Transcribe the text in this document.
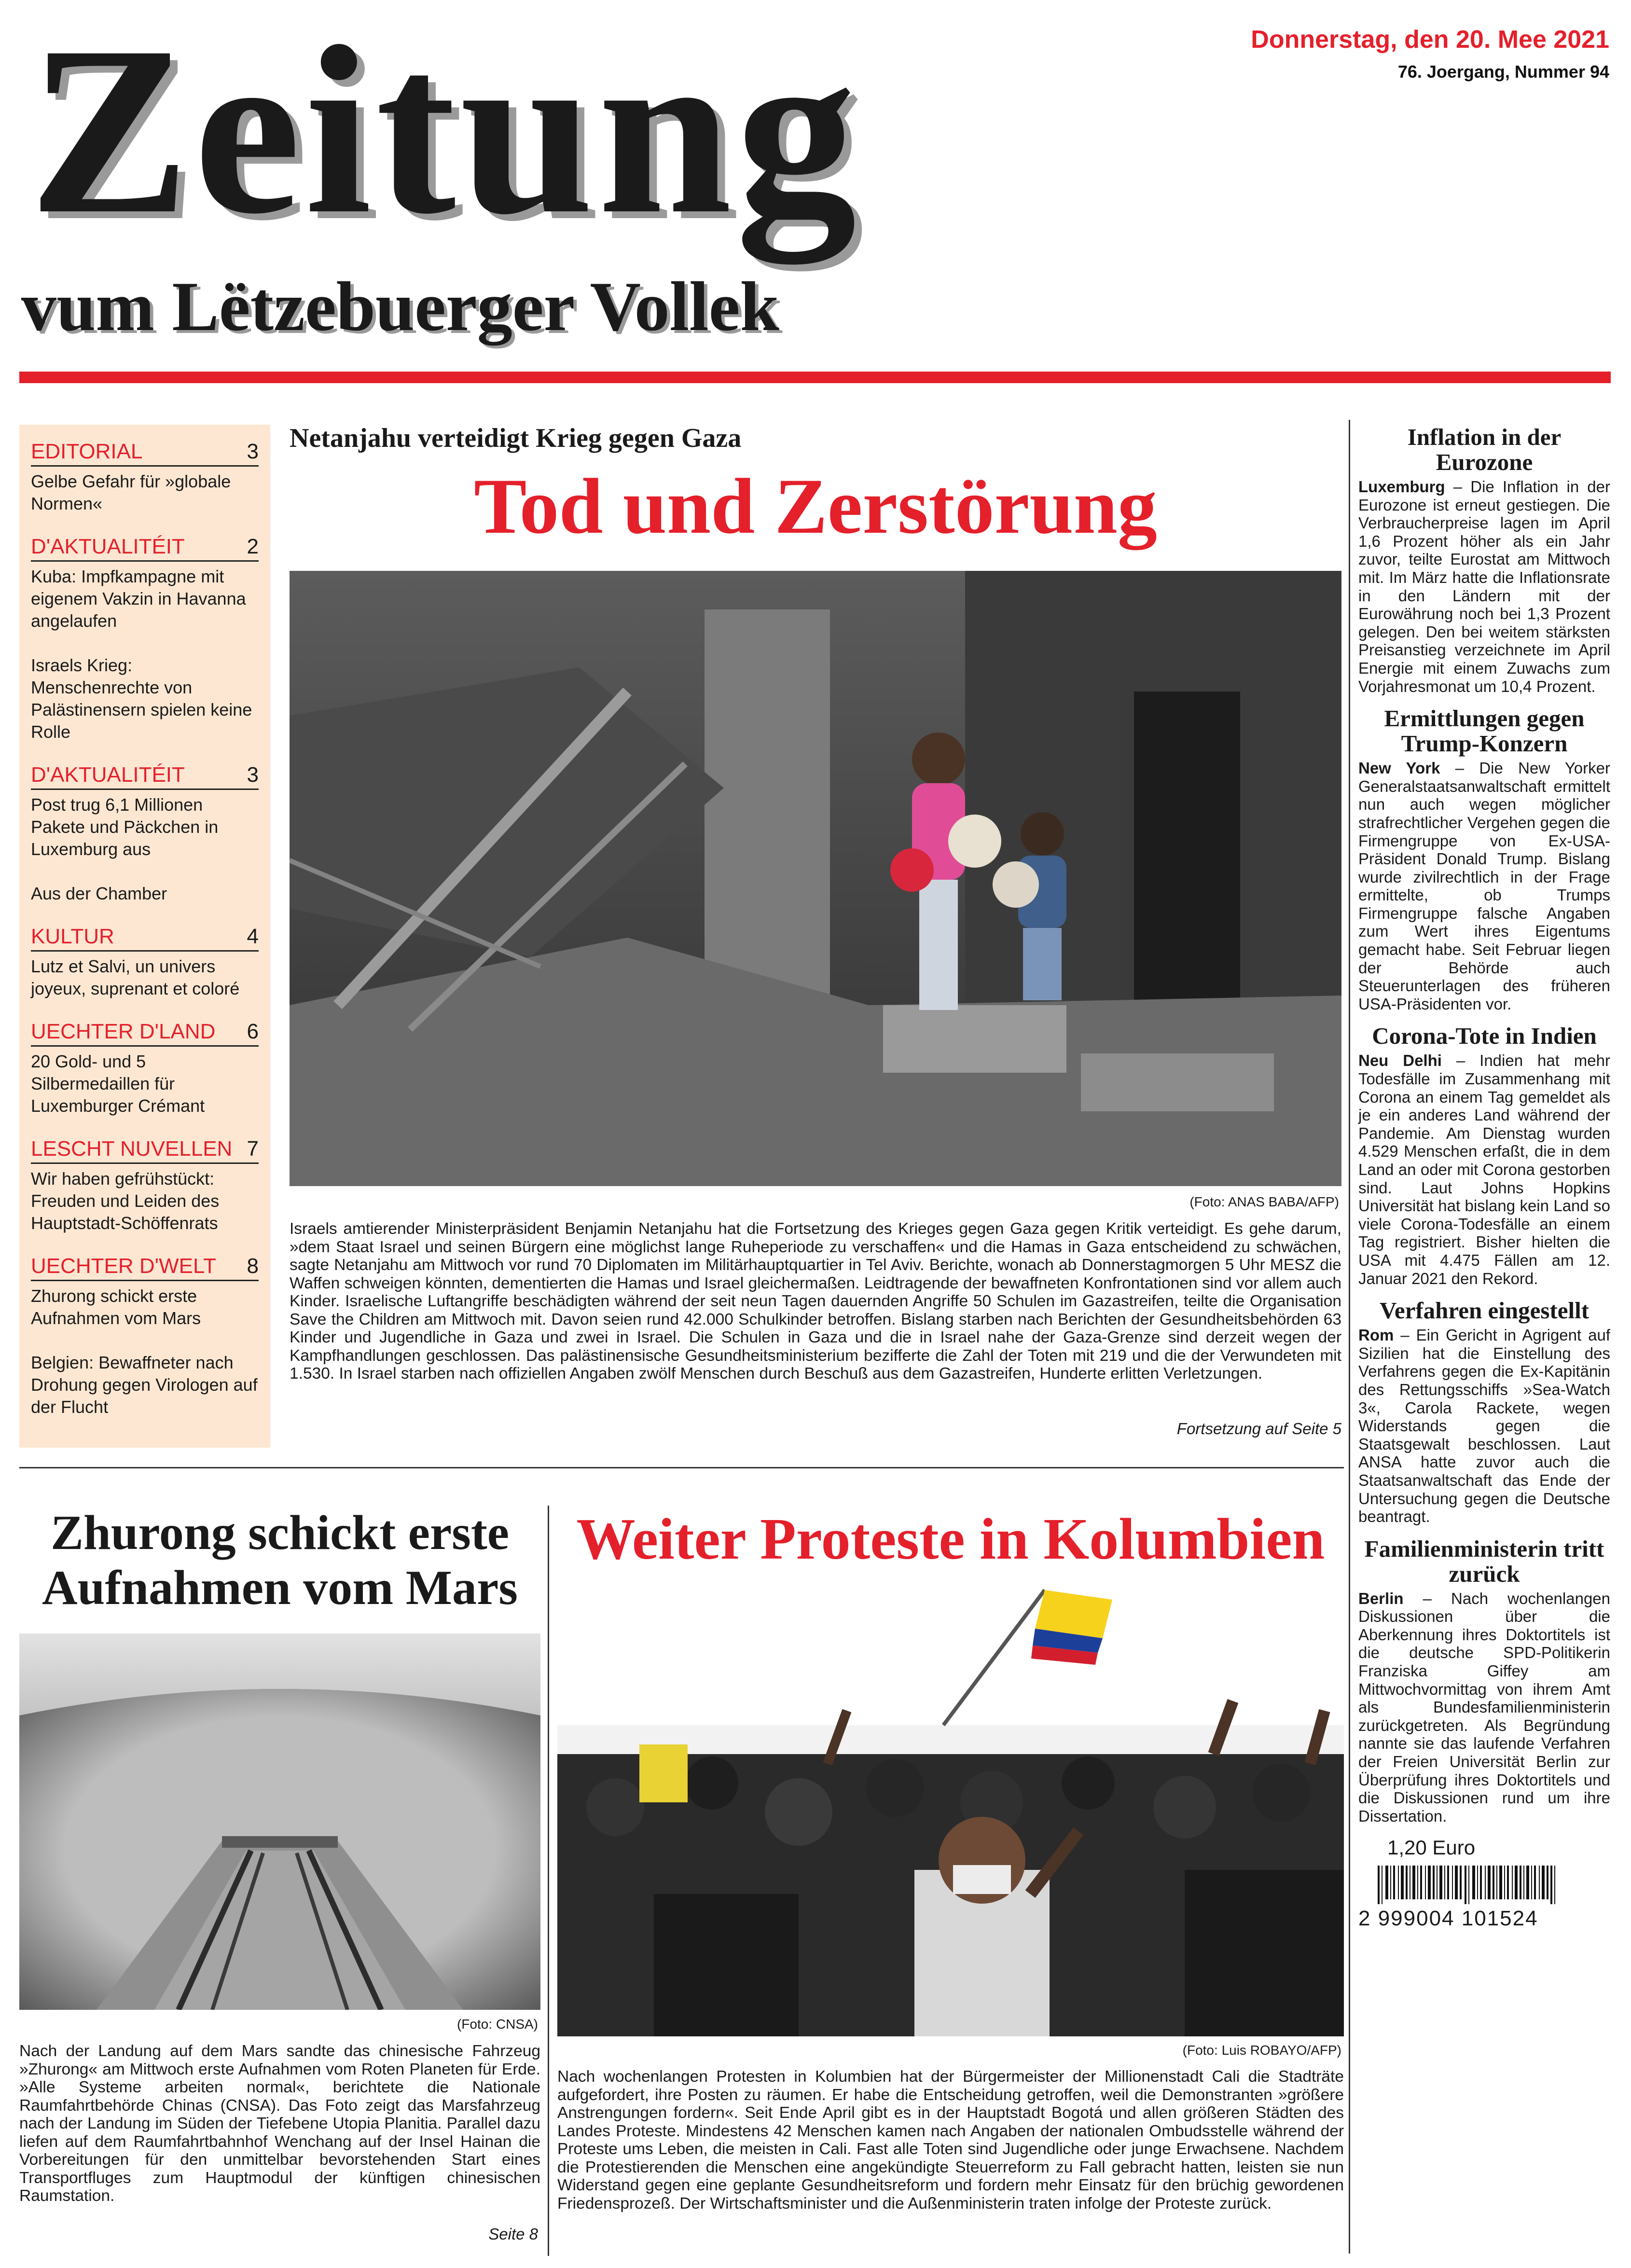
Zeitung
vum Lëtzebuerger Vollek
Donnerstag, den 20. Mee 2021
76. Joergang, Nummer 94
EDITORIAL	3
Gelbe Gefahr für »globale Normen«
D'AKTUALITÉIT	2
Kuba: Impfkampagne mit eigenem Vakzin in Havanna angelaufen
Israels Krieg: Menschenrechte von Palästinensern spielen keine Rolle
D'AKTUALITÉIT	3
Post trug 6,1 Millionen Pakete und Päckchen in Luxemburg aus
Aus der Chamber
KULTUR	4
Lutz et Salvi, un univers joyeux, suprenant et coloré
UECHTER D'LAND 6
20 Gold- und 5 Silbermedaillen für Luxemburger Crémant
LESCHT NUVELLEN 7
Wir haben gefrühstückt: Freuden und Leiden des Hauptstadt-Schöffenrats
UECHTER D'WELT 8
Zhurong schickt erste Aufnahmen vom Mars
Belgien: Bewaffneter nach Drohung gegen Virologen auf der Flucht
Netanjahu verteidigt Krieg gegen Gaza
Tod und Zerstörung
(Foto: ANAS BABA/AFP)
Israels amtierender Ministerpräsident Benjamin Netanjahu hat die Fortsetzung des Krieges gegen Gaza gegen Kritik verteidigt. Es gehe darum, »dem Staat Israel und seinen Bürgern eine möglichst lange Ruheperiode zu verschaffen« und die Hamas in Gaza entscheidend zu schwächen, sagte Netanjahu am Mittwoch vor rund 70 Diplomaten im Militärhauptquartier in Tel Aviv. Berichte, wonach ab Donnerstagmorgen 5 Uhr MESZ die Waffen schweigen könnten, dementierten die Hamas und Israel gleichermaßen. Leidtragende der bewaffneten Konfrontationen sind vor allem auch Kinder. Israelische Luftangriffe beschädigten während der seit neun Tagen dauernden Angriffe 50 Schulen im Gazastreifen, teilte die Organisation Save the Children am Mittwoch mit. Davon seien rund 42.000 Schulkinder betroffen. Bislang starben nach Berichten der Gesundheitsbehörden 63 Kinder und Jugendliche in Gaza und zwei in Israel. Die Schulen in Gaza und die in Israel nahe der Gaza-Grenze sind derzeit wegen der Kampfhandlungen geschlossen. Das palästinensische Gesundheitsministerium bezifferte die Zahl der Toten mit 219 und die der Verwundeten mit 1.530. In Israel starben nach offiziellen Angaben zwölf Menschen durch Beschuß aus dem Gazastreifen, Hunderte erlitten Verletzungen.
Fortsetzung auf Seite 5
Inflation in der Eurozone
Luxemburg – Die Inflation in der Eurozone ist erneut gestiegen. Die Verbraucherpreise lagen im April 1,6 Prozent höher als ein Jahr zuvor, teilte Eurostat am Mittwoch mit. Im März hatte die Inflationsrate in den Ländern mit der Eurowährung noch bei 1,3 Prozent gelegen. Den bei weitem stärksten Preisanstieg verzeichnete im April Energie mit einem Zuwachs zum Vorjahresmonat um 10,4 Prozent.
Ermittlungen gegen Trump-Konzern
New York – Die New Yorker Generalstaatsanwaltschaft ermittelt nun auch wegen möglicher strafrechtlicher Vergehen gegen die Firmengruppe von Ex-USA-Präsident Donald Trump. Bislang wurde zivilrechtlich in der Frage ermittelte, ob Trumps Firmengruppe falsche Angaben zum Wert ihres Eigentums gemacht habe. Seit Februar liegen der Behörde auch Steuerunterlagen des früheren USA-Präsidenten vor.
Corona-Tote in Indien
Neu Delhi – Indien hat mehr Todesfälle im Zusammenhang mit Corona an einem Tag gemeldet als je ein anderes Land während der Pandemie. Am Dienstag wurden 4.529 Menschen erfaßt, die in dem Land an oder mit Corona gestorben sind. Laut Johns Hopkins Universität hat bislang kein Land so viele Corona-Todesfälle an einem Tag registriert. Bisher hielten die USA mit 4.475 Fällen am 12. Januar 2021 den Rekord.
Verfahren eingestellt
Rom – Ein Gericht in Agrigent auf Sizilien hat die Einstellung des Verfahrens gegen die Ex-Kapitänin des Rettungsschiffs »Sea-Watch 3«, Carola Rackete, wegen Widerstands gegen die Staatsgewalt beschlossen. Laut ANSA hatte zuvor auch die Staatsanwaltschaft das Ende der Untersuchung gegen die Deutsche beantragt.
Familienministerin tritt zurück
Berlin – Nach wochenlangen Diskussionen über die Aberkennung ihres Doktortitels ist die deutsche SPD-Politikerin Franziska Giffey am Mittwochvormittag von ihrem Amt als Bundesfamilienministerin zurückgetreten. Als Begründung nannte sie das laufende Verfahren der Freien Universität Berlin zur Überprüfung ihres Doktortitels und die Diskussionen rund um ihre Dissertation.
1,20 Euro
2 999004 101524
Zhurong schickt erste Aufnahmen vom Mars
(Foto: CNSA)
Nach der Landung auf dem Mars sandte das chinesische Fahrzeug »Zhurong« am Mittwoch erste Aufnahmen vom Roten Planeten für Erde. »Alle Systeme arbeiten normal«, berichtete die Nationale Raumfahrtbehörde Chinas (CNSA). Das Foto zeigt das Marsfahrzeug nach der Landung im Süden der Tiefebene Utopia Planitia. Parallel dazu liefen auf dem Raumfahrtbahnhof Wenchang auf der Insel Hainan die Vorbereitungen für den unmittelbar bevorstehenden Start eines Transportfluges zum Hauptmodul der künftigen chinesischen Raumstation.
Seite 8
Weiter Proteste in Kolumbien
(Foto: Luis ROBAYO/AFP)
Nach wochenlangen Protesten in Kolumbien hat der Bürgermeister der Millionenstadt Cali die Stadträte aufgefordert, ihre Posten zu räumen. Er habe die Entscheidung getroffen, weil die Demonstranten »größere Anstrengungen fordern«. Seit Ende April gibt es in der Hauptstadt Bogotá und allen größeren Städten des Landes Proteste. Mindestens 42 Menschen kamen nach Angaben der nationalen Ombudsstelle während der Proteste ums Leben, die meisten in Cali. Fast alle Toten sind Jugendliche oder junge Erwachsene. Nachdem die Protestierenden die Menschen eine angekündigte Steuerreform zu Fall gebracht hatten, leisten sie nun Widerstand gegen eine geplante Gesundheitsreform und fordern mehr Einsatz für den brüchig gewordenen Friedensprozeß. Der Wirtschaftsminister und die Außenministerin traten infolge der Proteste zurück.
